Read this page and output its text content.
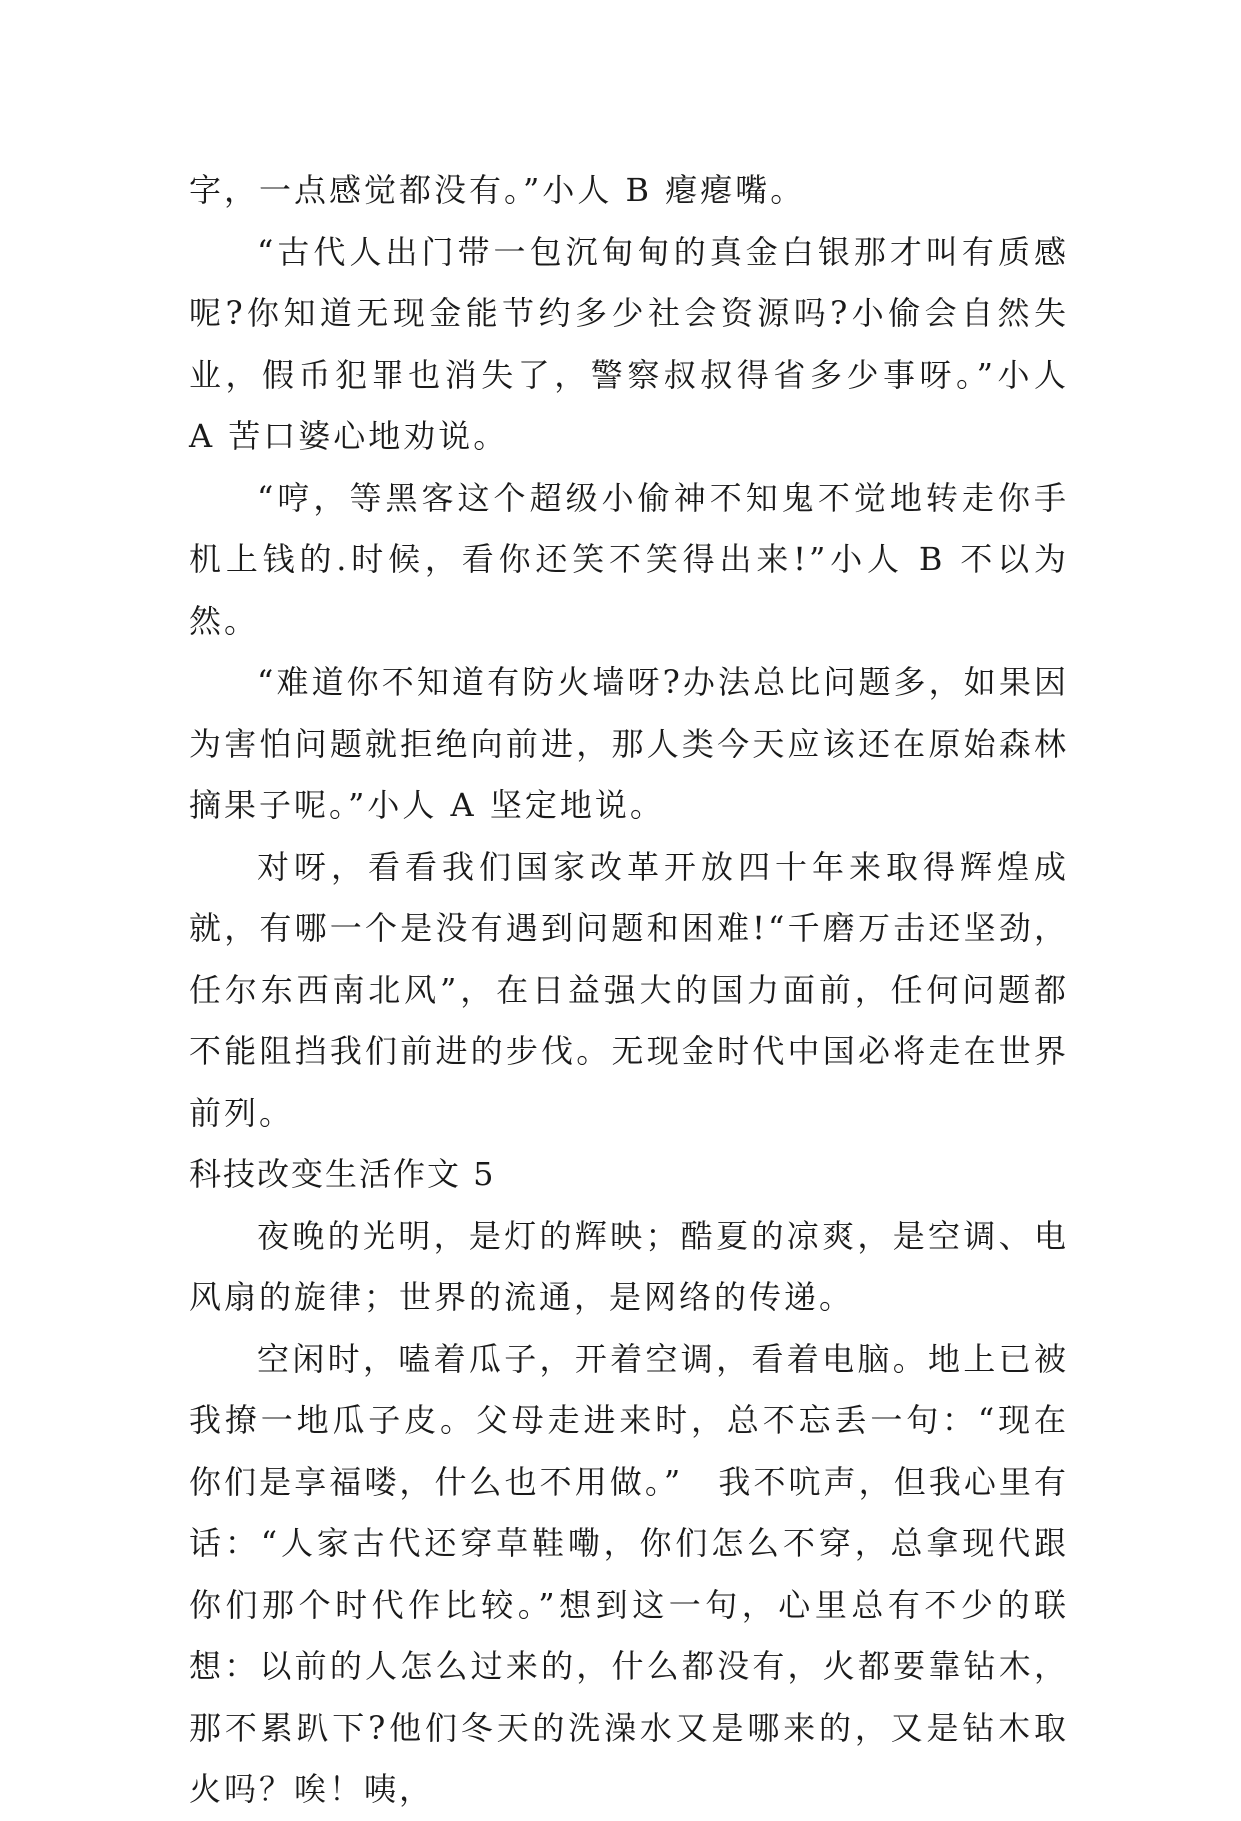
字，一点感觉都没有。”小人 B 瘪瘪嘴。

“古代人出门带一包沉甸甸的真金白银那才叫有质感呢?你知道无现金能节约多少社会资源吗?小偷会自然失业，假币犯罪也消失了，警察叔叔得省多少事呀。”小人 A 苦口婆心地劝说。

“哼，等黑客这个超级小偷神不知鬼不觉地转走你手机上钱的.时候，看你还笑不笑得出来!”小人 B 不以为然。

“难道你不知道有防火墙呀?办法总比问题多，如果因为害怕问题就拒绝向前进，那人类今天应该还在原始森林摘果子呢。”小人 A 坚定地说。

对呀，看看我们国家改革开放四十年来取得辉煌成就，有哪一个是没有遇到问题和困难!“千磨万击还坚劲，任尔东西南北风”，在日益强大的国力面前，任何问题都不能阻挡我们前进的步伐。无现金时代中国必将走在世界前列。

科技改变生活作文 5

夜晚的光明，是灯的辉映；酷夏的凉爽，是空调、电风扇的旋律；世界的流通，是网络的传递。

空闲时，嗑着瓜子，开着空调，看着电脑。地上已被我撩一地瓜子皮。父母走进来时，总不忘丢一句：“现在你们是享福喽，什么也不用做。”　我不吭声，但我心里有话：“人家古代还穿草鞋嘞，你们怎么不穿，总拿现代跟你们那个时代作比较。”想到这一句，心里总有不少的联想：以前的人怎么过来的，什么都没有，火都要靠钻木，那不累趴下?他们冬天的洗澡水又是哪来的，又是钻木取火吗？唉！咦，
